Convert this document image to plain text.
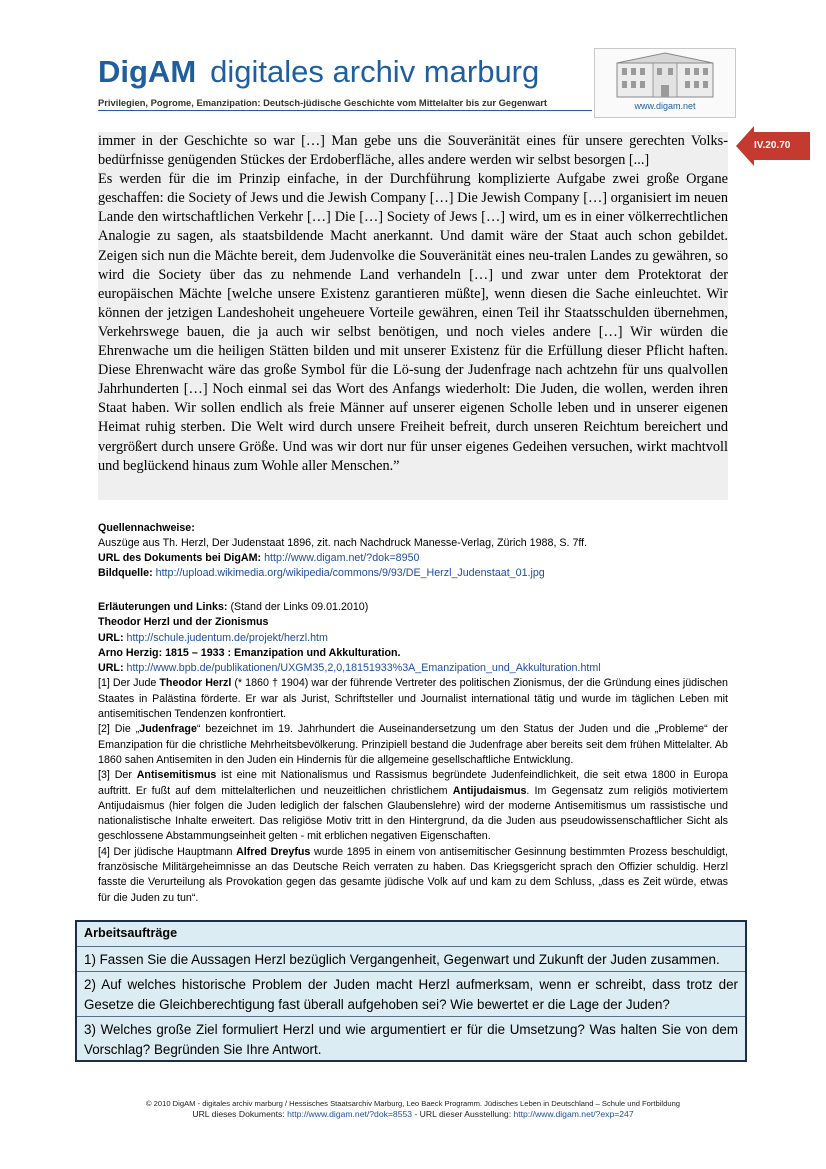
DigAM digitales archiv marburg
Privilegien, Pogrome, Emanzipation: Deutsch-jüdische Geschichte vom Mittelalter bis zur Gegenwart	www.digam.net
IV.20.70

immer in der Geschichte so war […] Man gebe uns die Souveränität eines für unsere gerechten Volks-bedürfnisse genügenden Stückes der Erdoberfläche, alles andere werden wir selbst besorgen [...]

Es werden für die im Prinzip einfache, in der Durchführung komplizierte Aufgabe zwei große Organe geschaffen: die Society of Jews und die Jewish Company […] Die Jewish Company […] organisiert im neuen Lande den wirtschaftlichen Verkehr […] Die […] Society of Jews […] wird, um es in einer völkerrechtlichen Analogie zu sagen, als staatsbildende Macht anerkannt. Und damit wäre der Staat auch schon gebildet. Zeigen sich nun die Mächte bereit, dem Judenvolke die Souveränität eines neu-tralen Landes zu gewähren, so wird die Society über das zu nehmende Land verhandeln […] und zwar unter dem Protektorat der europäischen Mächte [welche unsere Existenz garantieren müßte], wenn diesen die Sache einleuchtet. Wir können der jetzigen Landeshoheit ungeheuere Vorteile gewähren, einen Teil ihr Staatsschulden übernehmen, Verkehrswege bauen, die ja auch wir selbst benötigen, und noch vieles andere […] Wir würden die Ehrenwache um die heiligen Stätten bilden und mit unserer Existenz für die Erfüllung dieser Pflicht haften. Diese Ehrenwacht wäre das große Symbol für die Lö-sung der Judenfrage nach achtzehn für uns qualvollen Jahrhunderten […] Noch einmal sei das Wort des Anfangs wiederholt: Die Juden, die wollen, werden ihren Staat haben. Wir sollen endlich als freie Männer auf unserer eigenen Scholle leben und in unserer eigenen Heimat ruhig sterben. Die Welt wird durch unsere Freiheit befreit, durch unseren Reichtum bereichert und vergrößert durch unsere Größe. Und was wir dort nur für unser eigenes Gedeihen versuchen, wirkt machtvoll und beglückend hinaus zum Wohle aller Menschen.”

Quellennachweise:
Auszüge aus Th. Herzl, Der Judenstaat 1896, zit. nach Nachdruck Manesse-Verlag, Zürich 1988, S. 7ff.
URL des Dokuments bei DigAM: http://www.digam.net/?dok=8950
Bildquelle: http://upload.wikimedia.org/wikipedia/commons/9/93/DE_Herzl_Judenstaat_01.jpg
Erläuterungen und Links: (Stand der Links 09.01.2010)
Theodor Herzl und der Zionismus
URL: http://schule.judentum.de/projekt/herzl.htm
Arno Herzig: 1815 – 1933 : Emanzipation und Akkulturation.
URL: http://www.bpb.de/publikationen/UXGM35,2,0,18151933%3A_Emanzipation_und_Akkulturation.html

[1] Der Jude Theodor Herzl (* 1860 † 1904) war der führende Vertreter des politischen Zionismus, der die Gründung eines jüdischen Staates in Palästina förderte. Er war als Jurist, Schriftsteller und Journalist international tätig und wurde im täglichen Leben mit antisemitischen Tendenzen konfrontiert.

[2] Die „Judenfrage“ bezeichnet im 19. Jahrhundert die Auseinandersetzung um den Status der Juden und die „Probleme“ der Emanzipation für die christliche Mehrheitsbevölkerung. Prinzipiell bestand die Judenfrage aber bereits seit dem frühen Mittelalter. Ab 1860 sahen Antisemiten in den Juden ein Hindernis für die allgemeine gesellschaftliche Entwicklung.

[3] Der Antisemitismus ist eine mit Nationalismus und Rassismus begründete Judenfeindlichkeit, die seit etwa 1800 in Europa auftritt. Er fußt auf dem mittelalterlichen und neuzeitlichen christlichem Antijudaismus. Im Gegensatz zum religiös motiviertem Antijudaismus (hier folgen die Juden lediglich der falschen Glaubenslehre) wird der moderne Antisemitismus um rassistische und nationalistische Inhalte erweitert. Das religiöse Motiv tritt in den Hintergrund, da die Juden aus pseudowissenschaftlicher Sicht als geschlossene Abstammungseinheit gelten - mit erblichen negativen Eigenschaften.

[4] Der jüdische Hauptmann Alfred Dreyfus wurde 1895 in einem von antisemitischer Gesinnung bestimmten Prozess beschuldigt, französische Militärgeheimnisse an das Deutsche Reich verraten zu haben. Das Kriegsgericht sprach den Offizier schuldig. Herzl fasste die Verurteilung als Provokation gegen das gesamte jüdische Volk auf und kam zu dem Schluss, „dass es Zeit würde, etwas für die Juden zu tun“.

Arbeitsaufträge
1) Fassen Sie die Aussagen Herzl bezüglich Vergangenheit, Gegenwart und Zukunft der Juden zusammen.
2) Auf welches historische Problem der Juden macht Herzl aufmerksam, wenn er schreibt, dass trotz der Gesetze die Gleichberechtigung fast überall aufgehoben sei? Wie bewertet er die Lage der Juden?
3) Welches große Ziel formuliert Herzl und wie argumentiert er für die Umsetzung? Was halten Sie von dem Vorschlag? Begründen Sie Ihre Antwort.
© 2010 DigAM - digitales archiv marburg / Hessisches Staatsarchiv Marburg, Leo Baeck Programm. Jüdisches Leben in Deutschland – Schule und Fortbildung
URL dieses Dokuments: http://www.digam.net/?dok=8553 - URL dieser Ausstellung: http://www.digam.net/?exp=247
